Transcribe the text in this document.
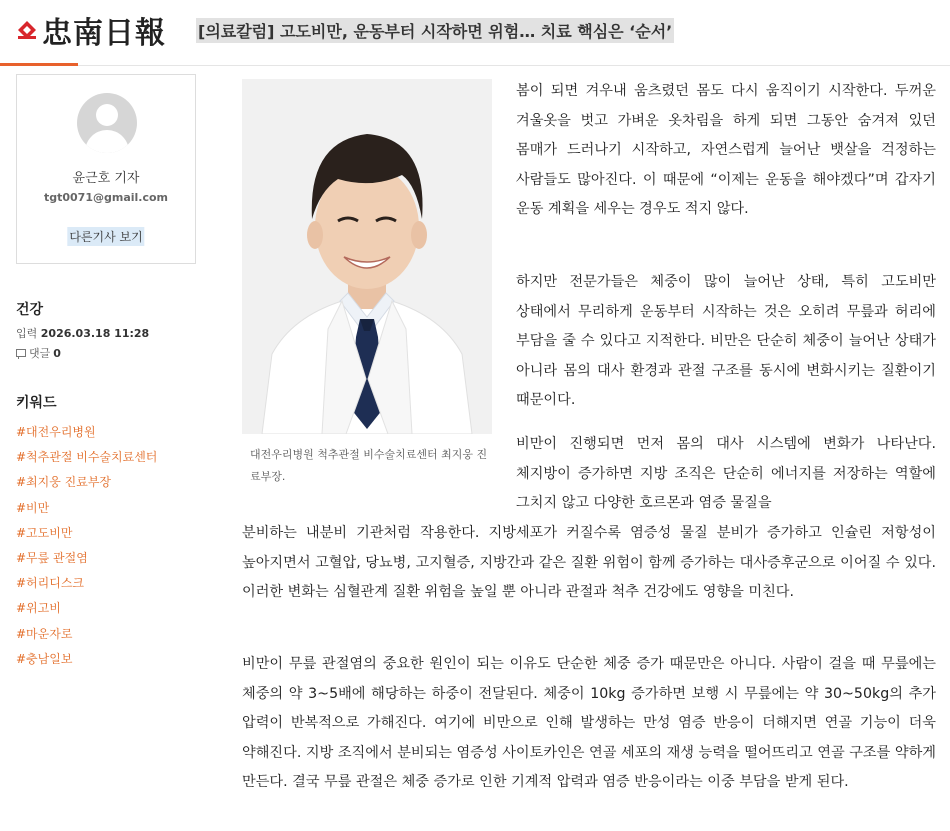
忠南日報 [의료칼럼] 고도비만, 운동부터 시작하면 위험… 치료 핵심은 ‘순서’
윤근호 기자
tgt0071@gmail.com
다른기사 보기
건강
입력 2026.03.18 11:28
댓글 0
키워드
#대전우리병원
#척추관절 비수술치료센터
#최지웅 진료부장
#비만
#고도비만
#무릎 관절염
#허리디스크
#위고비
#마운자로
#충남일보
대전우리병원 척추관절 비수술치료센터 최지웅 진료부장.

봄이 되면 겨우내 움츠렸던 몸도 다시 움직이기 시작한다. 두꺼운 겨울옷을 벗고 가벼운 옷차림을 하게 되면 그동안 숨겨져 있던 몸매가 드러나기 시작하고, 자연스럽게 늘어난 뱃살을 걱정하는 사람들도 많아진다. 이 때문에 “이제는 운동을 해야겠다”며 갑자기 운동 계획을 세우는 경우도 적지 않다.

하지만 전문가들은 체중이 많이 늘어난 상태, 특히 고도비만 상태에서 무리하게 운동부터 시작하는 것은 오히려 무릎과 허리에 부담을 줄 수 있다고 지적한다. 비만은 단순히 체중이 늘어난 상태가 아니라 몸의 대사 환경과 관절 구조를 동시에 변화시키는 질환이기 때문이다.

비만이 진행되면 먼저 몸의 대사 시스템에 변화가 나타난다. 체지방이 증가하면 지방 조직은 단순히 에너지를 저장하는 역할에 그치지 않고 다양한 호르몬과 염증 물질을

분비하는 내분비 기관처럼 작용한다. 지방세포가 커질수록 염증성 물질 분비가 증가하고 인슐린 저항성이 높아지면서 고혈압, 당뇨병, 고지혈증, 지방간과 같은 질환 위험이 함께 증가하는 대사증후군으로 이어질 수 있다. 이러한 변화는 심혈관계 질환 위험을 높일 뿐 아니라 관절과 척추 건강에도 영향을 미친다.

비만이 무릎 관절염의 중요한 원인이 되는 이유도 단순한 체중 증가 때문만은 아니다. 사람이 걸을 때 무릎에는 체중의 약 3~5배에 해당하는 하중이 전달된다. 체중이 10kg 증가하면 보행 시 무릎에는 약 30~50kg의 추가 압력이 반복적으로 가해진다. 여기에 비만으로 인해 발생하는 만성 염증 반응이 더해지면 연골 기능이 더욱 약해진다. 지방 조직에서 분비되는 염증성 사이토카인은 연골 세포의 재생 능력을 떨어뜨리고 연골 구조를 약하게 만든다. 결국 무릎 관절은 체중 증가로 인한 기계적 압력과 염증 반응이라는 이중 부담을 받게 된다.
